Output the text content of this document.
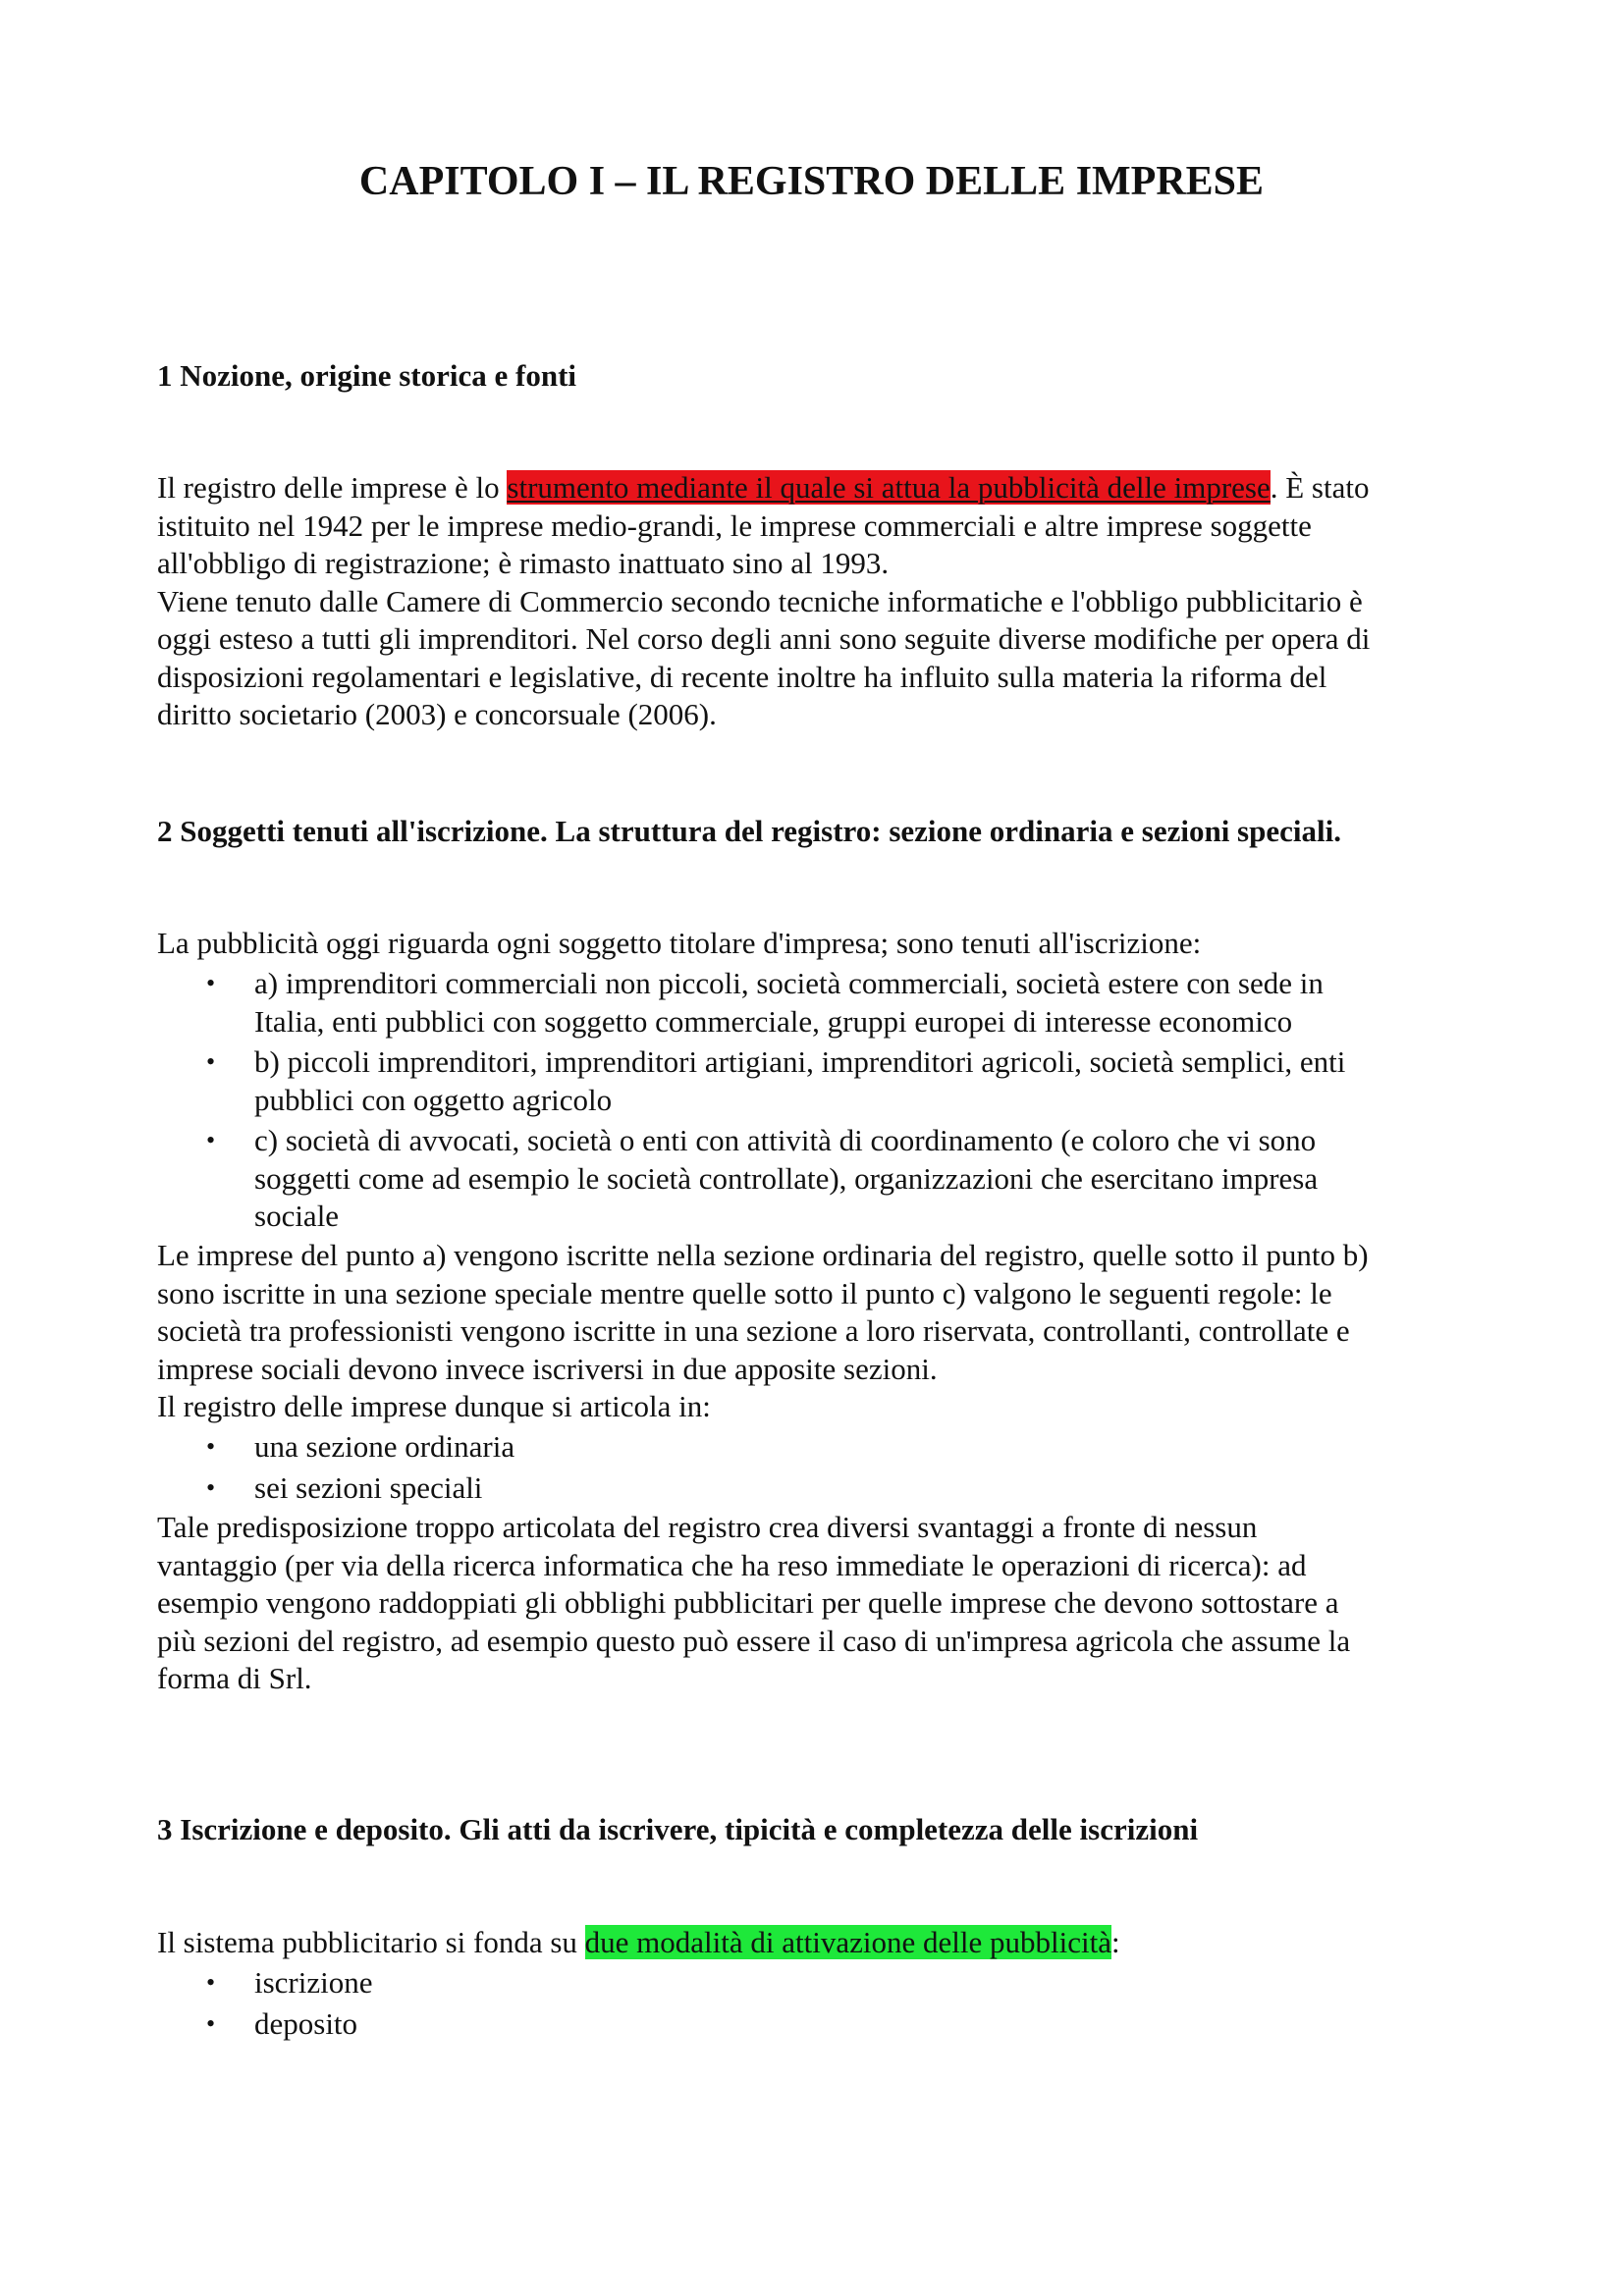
CAPITOLO I – IL REGISTRO DELLE IMPRESE
1 Nozione, origine storica e fonti
Il registro delle imprese è lo strumento mediante il quale si attua la pubblicità delle imprese. È stato
istituito nel 1942 per le imprese medio-grandi, le imprese commerciali e altre imprese soggette
all'obbligo di registrazione; è rimasto inattuato sino al 1993.
Viene tenuto dalle Camere di Commercio secondo tecniche informatiche e l'obbligo pubblicitario è
oggi esteso a tutti gli imprenditori. Nel corso degli anni sono seguite diverse modifiche per opera di
disposizioni regolamentari e legislative, di recente inoltre ha influito sulla materia la riforma del
diritto societario (2003) e concorsuale (2006).
2 Soggetti tenuti all'iscrizione. La struttura del registro: sezione ordinaria e sezioni speciali.
La pubblicità oggi riguarda ogni soggetto titolare d'impresa; sono tenuti all'iscrizione:
• a) imprenditori commerciali non piccoli, società commerciali, società estere con sede in
Italia, enti pubblici con soggetto commerciale, gruppi europei di interesse economico
• b) piccoli imprenditori, imprenditori artigiani, imprenditori agricoli, società semplici, enti
pubblici con oggetto agricolo
• c) società di avvocati, società o enti con attività di coordinamento (e coloro che vi sono
soggetti come ad esempio le società controllate), organizzazioni che esercitano impresa
sociale
Le imprese del punto a) vengono iscritte nella sezione ordinaria del registro, quelle sotto il punto b)
sono iscritte in una sezione speciale mentre quelle sotto il punto c) valgono le seguenti regole: le
società tra professionisti vengono iscritte in una sezione a loro riservata, controllanti, controllate e
imprese sociali devono invece iscriversi in due apposite sezioni.
Il registro delle imprese dunque si articola in:
• una sezione ordinaria
• sei sezioni speciali
Tale predisposizione troppo articolata del registro crea diversi svantaggi a fronte di nessun
vantaggio (per via della ricerca informatica che ha reso immediate le operazioni di ricerca): ad
esempio vengono raddoppiati gli obblighi pubblicitari per quelle imprese che devono sottostare a
più sezioni del registro, ad esempio questo può essere il caso di un'impresa agricola che assume la
forma di Srl.
3 Iscrizione e deposito. Gli atti da iscrivere, tipicità e completezza delle iscrizioni
Il sistema pubblicitario si fonda su due modalità di attivazione delle pubblicità:
• iscrizione
• deposito
